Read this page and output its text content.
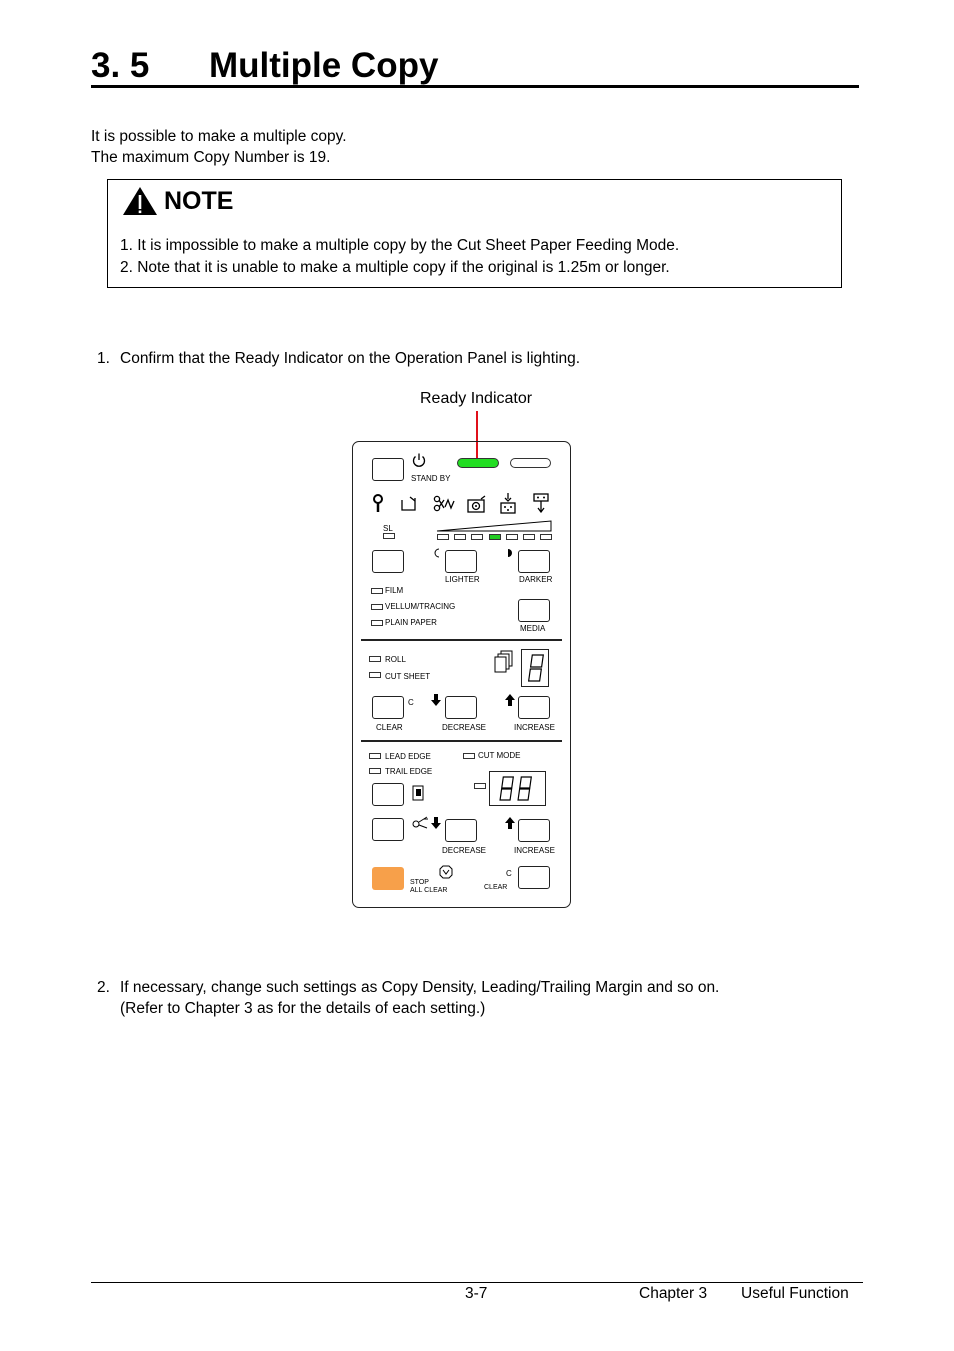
3. 5 Multiple Copy
It is possible to make a multiple copy.
The maximum Copy Number is 19.
NOTE
1. It is impossible to make a multiple copy by the Cut Sheet Paper Feeding Mode.
2. Note that it is unable to make a multiple copy if the original is 1.25m or longer.
1. Confirm that the Ready Indicator on the Operation Panel is lighting.
Ready Indicator
STAND BY
SL
LIGHTER	DARKER
FILM
VELLUM/TRACING
PLAIN PAPER
MEDIA
ROLL
CUT SHEET
C
CLEAR	DECREASE	INCREASE
LEAD EDGE
TRAIL EDGE
CUT MODE
DECREASE	INCREASE
STOP
ALL CLEAR
C
CLEAR
2. If necessary, change such settings as Copy Density, Leading/Trailing Margin and so on.
(Refer to Chapter 3 as for the details of each setting.)
3-7	Chapter 3 Useful Function
